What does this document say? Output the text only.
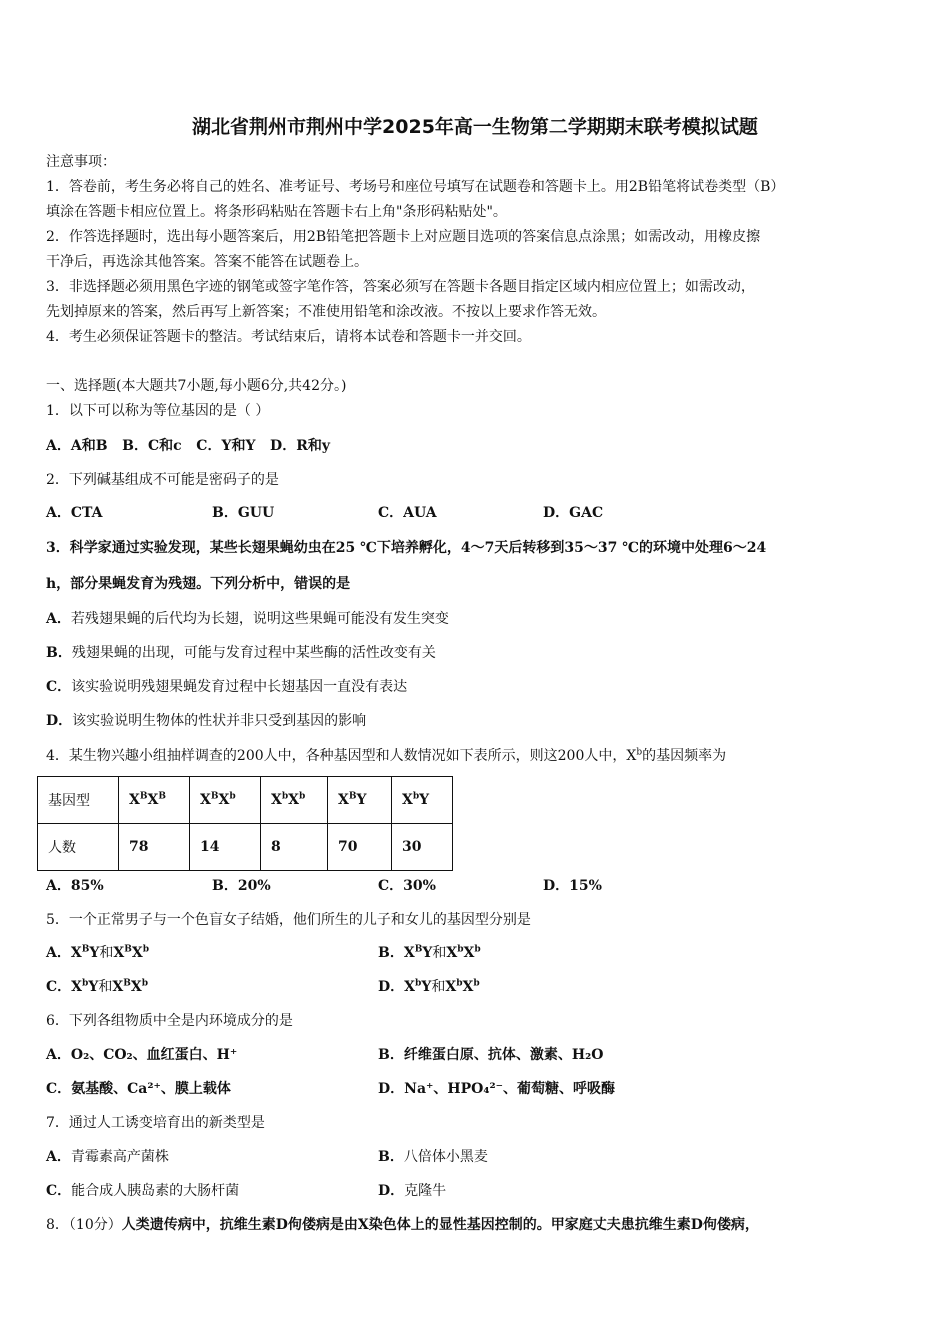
湖北省荆州市荆州中学2025年高一生物第二学期期末联考模拟试题
注意事项：
1．答卷前，考生务必将自己的姓名、准考证号、考场号和座位号填写在试题卷和答题卡上。用2B铅笔将试卷类型（B）
填涂在答题卡相应位置上。将条形码粘贴在答题卡右上角"条形码粘贴处"。
2．作答选择题时，选出每小题答案后，用2B铅笔把答题卡上对应题目选项的答案信息点涂黑；如需改动，用橡皮擦
干净后，再选涂其他答案。答案不能答在试题卷上。
3．非选择题必须用黑色字迹的钢笔或签字笔作答，答案必须写在答题卡各题目指定区域内相应位置上；如需改动，
先划掉原来的答案，然后再写上新答案；不准使用铅笔和涂改液。不按以上要求作答无效。
4．考生必须保证答题卡的整洁。考试结束后，请将本试卷和答题卡一并交回。
一、选择题(本大题共7小题,每小题6分,共42分。)
1．以下可以称为等位基因的是（ ）
A．A和B   B．C和c   C．Y和Y   D．R和y
2．下列碱基组成不可能是密码子的是
A．CTA	B．GUU	C．AUA	D．GAC
3．科学家通过实验发现，某些长翅果蝇幼虫在25 ℃下培养孵化，4～7天后转移到35～37 ℃的环境中处理6～24
h，部分果蝇发育为残翅。下列分析中，错误的是
A．若残翅果蝇的后代均为长翅，说明这些果蝇可能没有发生突变
B．残翅果蝇的出现，可能与发育过程中某些酶的活性改变有关
C．该实验说明残翅果蝇发育过程中长翅基因一直没有表达
D．该实验说明生物体的性状并非只受到基因的影响
4．某生物兴趣小组抽样调查的200人中，各种基因型和人数情况如下表所示，则这200人中，$X^b$的基因频率为
基因型	$X^BX^B$	$X^BX^b$	$X^bX^b$	$X^BY$	$X^bY$
人数	78	14	8	70	30
A．85%	B．20%	C．30%	D．15%
5．一个正常男子与一个色盲女子结婚，他们所生的儿子和女儿的基因型分别是
A．$X^BY$和$X^BX^b$	B．$X^BY$和$X^bX^b$
C．$X^bY$和$X^BX^b$	D．$X^bY$和$X^bX^b$
6．下列各组物质中全是内环境成分的是
A．O₂、CO₂、血红蛋白、H⁺	B．纤维蛋白原、抗体、激素、H₂O
C．氨基酸、Ca²⁺、膜上载体	D．Na⁺、HPO₄²⁻、葡萄糖、呼吸酶
7．通过人工诱变培育出的新类型是
A．青霉素高产菌株	B．八倍体小黑麦
C．能合成人胰岛素的大肠杆菌	D．克隆牛
8．（10分）人类遗传病中，抗维生素D佝偻病是由X染色体上的显性基因控制的。甲家庭丈夫患抗维生素D佝偻病，
